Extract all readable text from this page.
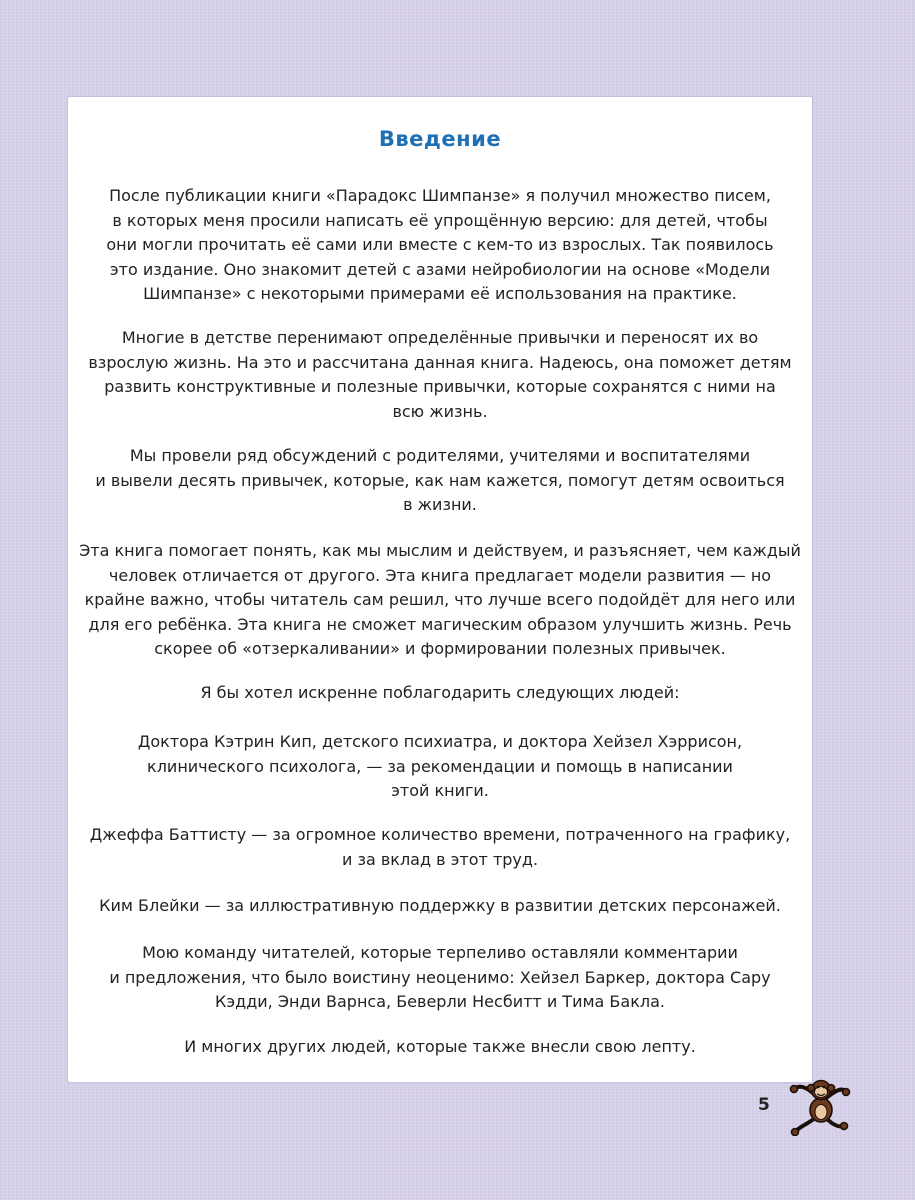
Введение
После публикации книги «Парадокс Шимпанзе» я получил множество писем,
в которых меня просили написать её упрощённую версию: для детей, чтобы
они могли прочитать её сами или вместе с кем-то из взрослых. Так появилось
это издание. Оно знакомит детей с азами нейробиологии на основе «Модели
Шимпанзе» с некоторыми примерами её использования на практике.
Многие в детстве перенимают определённые привычки и переносят их во
взрослую жизнь. На это и рассчитана данная книга. Надеюсь, она поможет детям
развить конструктивные и полезные привычки, которые сохранятся с ними на
всю жизнь.
Мы провели ряд обсуждений с родителями, учителями и воспитателями
и вывели десять привычек, которые, как нам кажется, помогут детям освоиться
в жизни.
Эта книга помогает понять, как мы мыслим и действуем, и разъясняет, чем каждый
человек отличается от другого. Эта книга предлагает модели развития — но
крайне важно, чтобы читатель сам решил, что лучше всего подойдёт для него или
для его ребёнка. Эта книга не сможет магическим образом улучшить жизнь. Речь
скорее об «отзеркаливании» и формировании полезных привычек.
Я бы хотел искренне поблагодарить следующих людей:
Доктора Кэтрин Кип, детского психиатра, и доктора Хейзел Хэррисон,
клинического психолога, — за рекомендации и помощь в написании
этой книги.
Джеффа Баттисту — за огромное количество времени, потраченного на графику,
и за вклад в этот труд.
Ким Блейки — за иллюстративную поддержку в развитии детских персонажей.
Мою команду читателей, которые терпеливо оставляли комментарии
и предложения, что было воистину неоценимо: Хейзел Баркер, доктора Сару
Кэдди, Энди Варнса, Беверли Несбитт и Тима Бакла.
И многих других людей, которые также внесли свою лепту.
5
